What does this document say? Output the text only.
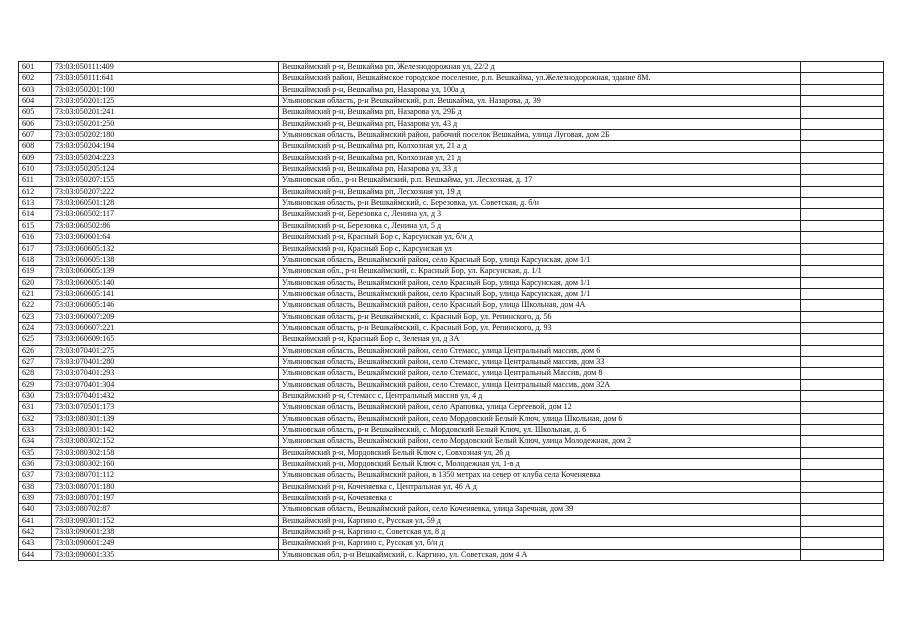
601	73:03:050111:409	Вешкаймский р-н, Вешкайма рп, Железнодорожная ул, 22/2 д	
602	73:03:050111:641	Вешкаймский район, Вешкаймское городское поселение, р.п. Вешкайма, ул.Железнодорожная, здание 8М.	
603	73:03:050201:100	Вешкаймский р-н, Вешкайма рп, Назарова ул, 100а д	
604	73:03:050201:125	Ульяновская область, р-н Вешкаймский, р.п. Вешкайма, ул. Назарова, д. 39	
605	73:03:050201:241	Вешкаймский р-н, Вешкайма рп, Назарова ул, 29Б д	
606	73:03:050201:250	Вешкаймский р-н, Вешкайма рп, Назарова ул, 43 д	
607	73:03:050202:180	Ульяновская область, Вешкаймский район, рабочий поселок Вешкайма, улица Луговая, дом 2Б	
608	73:03:050204:194	Вешкаймский р-н, Вешкайма рп, Колхозная ул, 21 а д	
609	73:03:050204:223	Вешкаймский р-н, Вешкайма рп, Колхозная ул, 21 д	
610	73:03:050205:124	Вешкаймский р-н, Вешкайма рп, Назарова ул, 33 д	
611	73:03:050207:155	Ульяновская обл., р-н Вешкаймский, р.п. Вешкайма, ул. Лесхозная, д. 17	
612	73:03:050207:222	Вешкаймский р-н, Вешкайма рп, Лесхозная ул, 19 д	
613	73:03:060501:128	Ульяновская область, р-н Вешкаймский, с. Березовка, ул. Советская, д. б/н	
614	73:03:060502:117	Вешкаймский р-н, Березовка с, Ленина ул, д 3	
615	73:03:060502:86	Вешкаймский р-н, Березовка с, Ленина ул, 5 д	
616	73:03:060601:64	Вешкаймский р-н, Красный Бор с, Карсунская ул, б/н д	
617	73:03:060605:132	Вешкаймский р-н, Красный Бор с, Карсунская ул	
618	73:03:060605:138	Ульяновская область, Вешкаймский район, село Красный Бор, улица Карсунская, дом 1/1	
619	73:03:060605:139	Ульяновская обл., р-н Вешкаймский, с. Красный Бор, ул. Карсунская, д. 1/1	
620	73:03:060605:140	Ульяновская область, Вешкаймский район, село Красный Бор, улица Карсунская, дом 1/1	
621	73:03:060605:141	Ульяновская область, Вешкаймский район, село Красный Бор, улица Карсунская, дом 1/1	
622	73:03:060605:146	Ульяновская область, Вешкаймский район, село Красный Бор, улица Школьная, дом 4А	
623	73:03:060607:209	Ульяновская область, р-н Вешкаймский, с. Красный Бор, ул. Репинского, д. 56	
624	73:03:060607:221	Ульяновская область, р-н Вешкаймский, с. Красный Бор, ул. Репинского, д. 93	
625	73:03:060609:165	Вешкаймский р-н, Красный Бор с, Зеленая ул, д 3А	
626	73:03:070401:275	Ульяновская область, Вешкаймский район, село Стемасс, улица Центральный массив, дом 6	
627	73:03:070401:280	Ульяновская область, Вешкаймский район, село Стемасс, улица Центральный массив, дом 33	
628	73:03:070401:293	Ульяновская область, Вешкаймский район, село Стемасс, улица Центральный Массив, дом 8	
629	73:03:070401:304	Ульяновская область, Вешкаймский район, село Стемасс, улица Центральный массив, дом 32А	
630	73:03:070401:432	Вешкаймский р-н, Стемасс с, Центральный массив ул, 4 д	
631	73:03:070501:173	Ульяновская область, Вешкаймский район, село Араповка, улица Сергеевой, дом 12	
632	73:03:080301:139	Ульяновская область, Вешкаймский район, село Мордовский Белый Ключ, улица Школьная, дом 6	
633	73:03:080301:142	Ульяновская область, р-н Вешкаймский, с. Мордовский Белый Ключ, ул. Школьная, д. 6	
634	73:03:080302:152	Ульяновская область, Вешкаймский район, село Мордовский Белый Ключ, улица Молодежная, дом 2	
635	73:03:080302:158	Вешкаймский р-н, Мордовский Белый Ключ с, Совхозная ул, 26 д	
636	73:03:080302:160	Вешкаймский р-н, Мордовский Белый Ключ с, Молодежная ул, 1-в д	
637	73:03:080701:112	Ульяновская область, Вешкаймский район, в 1350 метрах на север от клуба села Коченяевка	
638	73:03:080701:180	Вешкаймский р-н, Коченяевка с, Центральная ул, 46 А д	
639	73:03:080701:197	Вешкаймский р-н, Коченяевка с	
640	73:03:080702:87	Ульяновская область, Вешкаймский район, село Коченяевка, улица Заречная, дом 39	
641	73:03:090301:152	Вешкаймский р-н, Каргино с, Русская ул, 59 д	
642	73:03:090601:238	Вешкаймский р-н, Каргино с, Советская ул, 8 д	
643	73:03:090601:249	Вешкаймский р-н, Каргино с, Русская ул, б/н д	
644	73:03:090601:335	Ульяновская обл, р-н Вешкаймский, с. Каргино, ул. Советская, дом 4 А	
